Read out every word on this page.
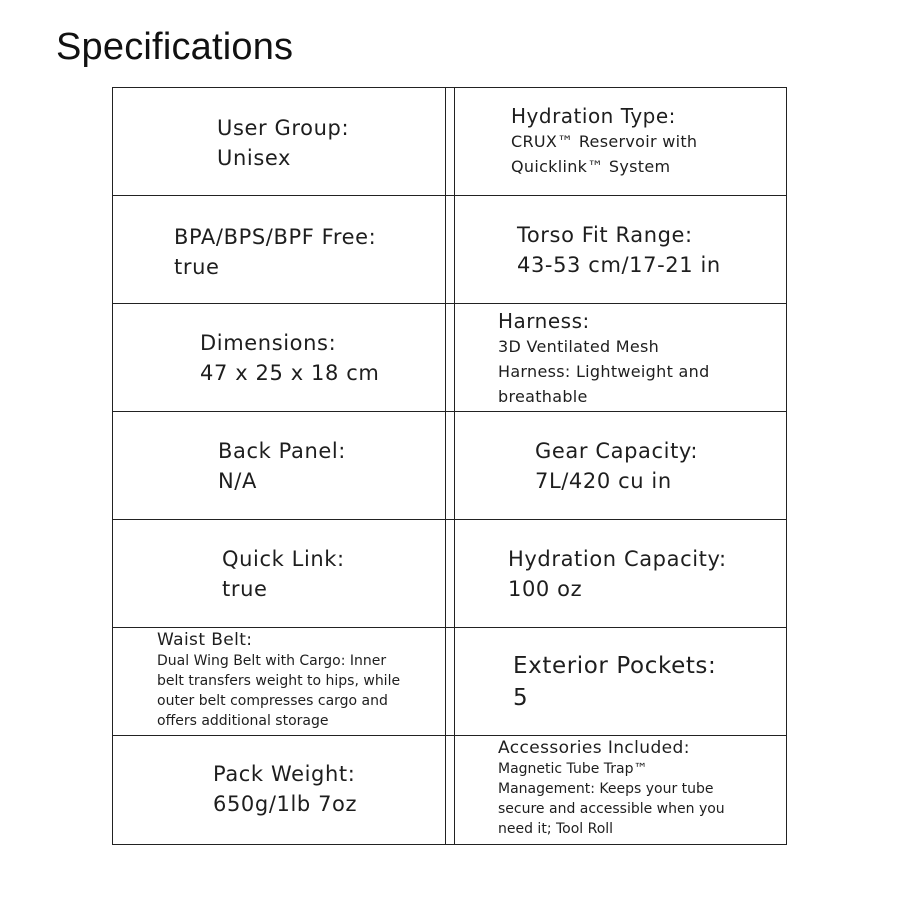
Specifications
User Group:
Unisex
Hydration Type:
CRUX™ Reservoir with
Quicklink™ System
BPA/BPS/BPF Free:
true
Torso Fit Range:
43-53 cm/17-21 in
Dimensions:
47 x 25 x 18 cm
Harness:
3D Ventilated Mesh
Harness: Lightweight and
breathable
Back Panel:
N/A
Gear Capacity:
7L/420 cu in
Quick Link:
true
Hydration Capacity:
100 oz
Waist Belt:
Dual Wing Belt with Cargo: Inner
belt transfers weight to hips, while
outer belt compresses cargo and
offers additional storage
Exterior Pockets:
5
Pack Weight:
650g/1lb 7oz
Accessories Included:
Magnetic Tube Trap™
Management: Keeps your tube
secure and accessible when you
need it; Tool Roll
